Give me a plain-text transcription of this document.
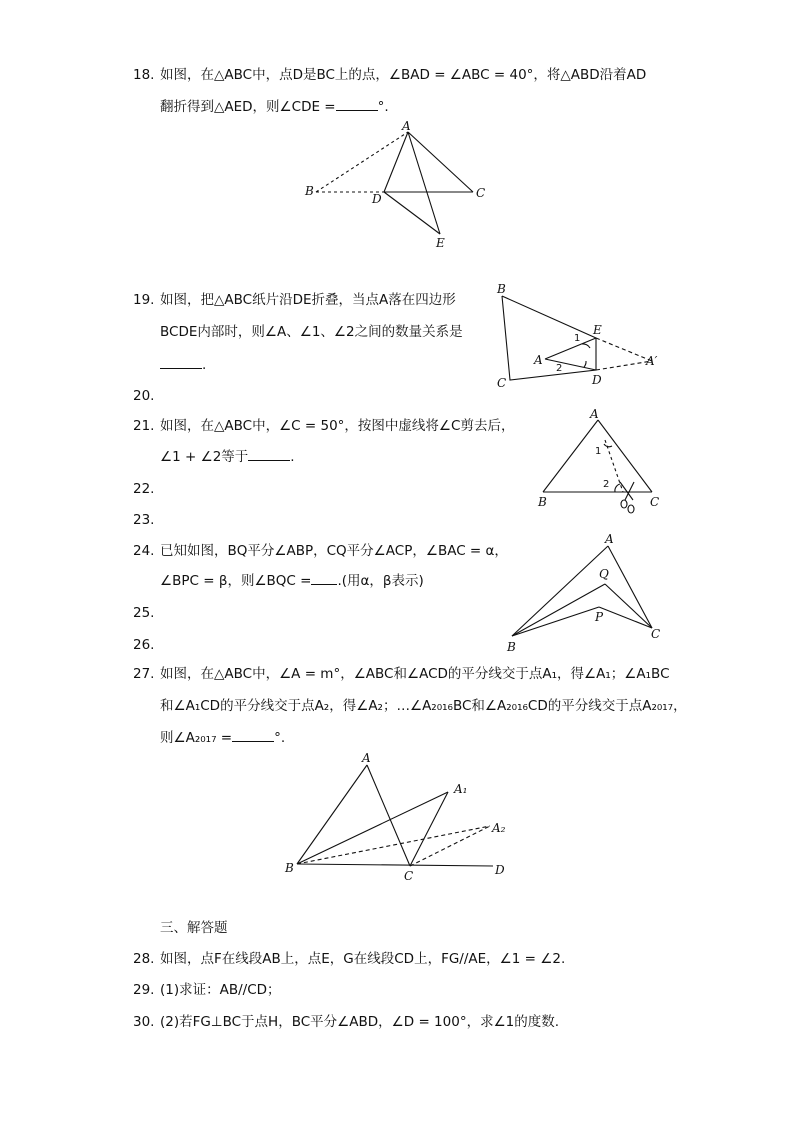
18. 如图，在△ABC中，点D是BC上的点，∠BAD = ∠ABC = 40°，将△ABD沿着AD
翻折得到△AED，则∠CDE =	°.
A
B	C
D
E
19. 如图，把△ABC纸片沿DE折叠，当点A落在四边形
BCDE内部时，则∠A、∠1、∠2之间的数量关系是
.
B
C
E
D
A	A′
1
2
20.
21. 如图，在△ABC中，∠C = 50°，按图中虚线将∠C剪去后，
∠1 + ∠2等于	.
A
B	C
1
2
22.
23.
24. 已知如图，BQ平分∠ABP，CQ平分∠ACP，∠BAC = α，
∠BPC = β，则∠BQC = .(用α，β表示)
A
Q
P
B
C
25.
26.
27. 如图，在△ABC中，∠A = m°，∠ABC和∠ACD的平分线交于点A₁，得∠A₁；∠A₁BC
和∠A₁CD的平分线交于点A₂，得∠A₂；…∠A₂₀₁₆BC和∠A₂₀₁₆CD的平分线交于点A₂₀₁₇，
则∠A₂₀₁₇ =	°.
A
A₁
A₂
B
C	D
三、解答题
28. 如图，点F在线段AB上，点E，G在线段CD上，FG//AE，∠1 = ∠2.
29. (1)求证：AB//CD；
30. (2)若FG⊥BC于点H，BC平分∠ABD，∠D = 100°，求∠1的度数.
